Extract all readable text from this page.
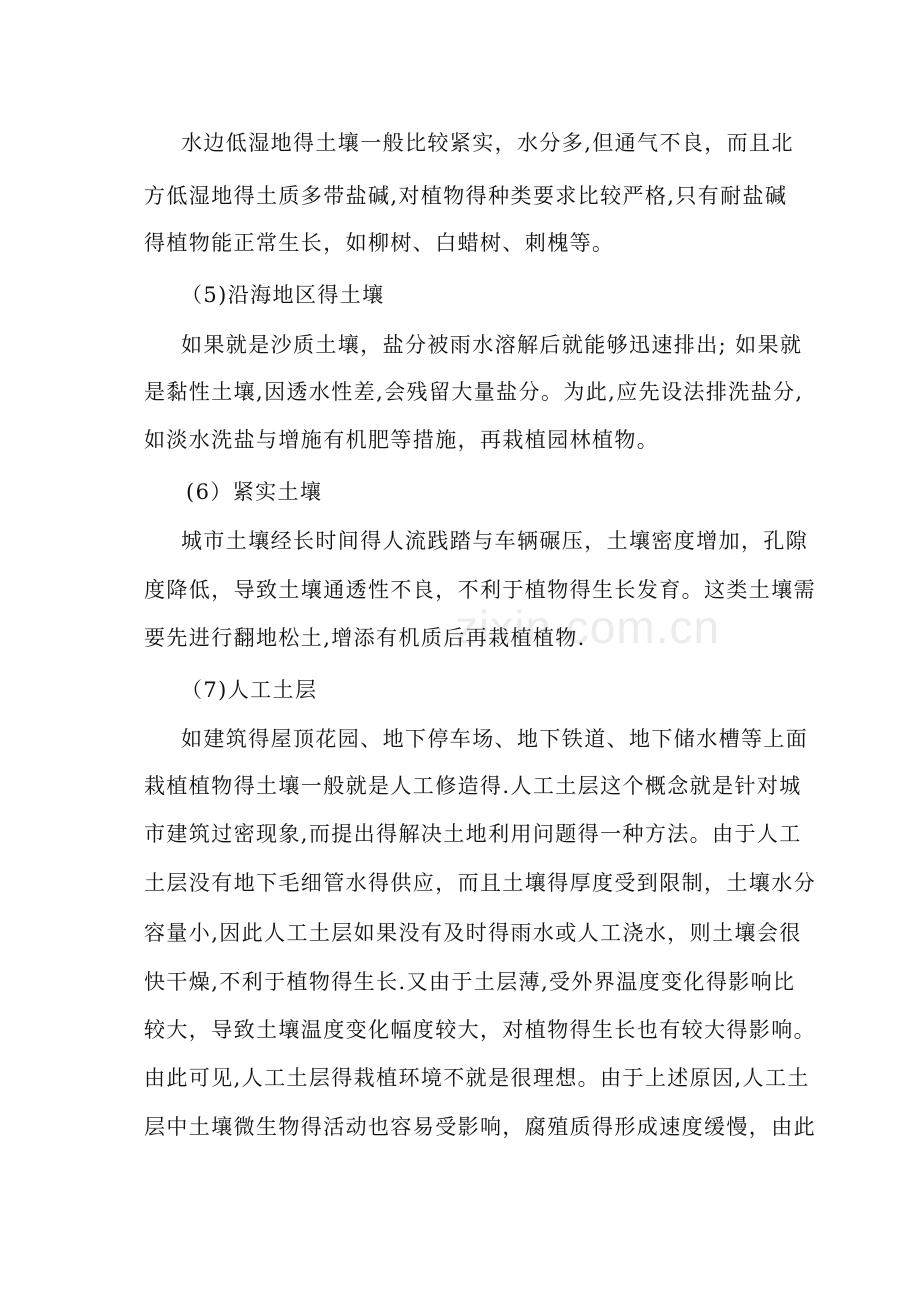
zixin.com.cn
水边低湿地得土壤一般比较紧实，水分多,但通气不良，而且北
方低湿地得土质多带盐碱,对植物得种类要求比较严格,只有耐盐碱
得植物能正常生长，如柳树、白蜡树、刺槐等。
（5)沿海地区得土壤
如果就是沙质土壤，盐分被雨水溶解后就能够迅速排出; 如果就
是黏性土壤,因透水性差,会残留大量盐分。为此,应先设法排洗盐分,
如淡水洗盐与增施有机肥等措施，再栽植园林植物。
(6）紧实土壤
城市土壤经长时间得人流践踏与车辆碾压，土壤密度增加，孔隙
度降低，导致土壤通透性不良，不利于植物得生长发育。这类土壤需
要先进行翻地松土,增添有机质后再栽植植物.
（7)人工土层
如建筑得屋顶花园、地下停车场、地下铁道、地下储水槽等上面
栽植植物得土壤一般就是人工修造得.人工土层这个概念就是针对城
市建筑过密现象,而提出得解决土地利用问题得一种方法。由于人工
土层没有地下毛细管水得供应，而且土壤得厚度受到限制，土壤水分
容量小,因此人工土层如果没有及时得雨水或人工浇水，则土壤会很
快干燥,不利于植物得生长.又由于土层薄,受外界温度变化得影响比
较大，导致土壤温度变化幅度较大，对植物得生长也有较大得影响。
由此可见,人工土层得栽植环境不就是很理想。由于上述原因,人工土
层中土壤微生物得活动也容易受影响，腐殖质得形成速度缓慢，由此
